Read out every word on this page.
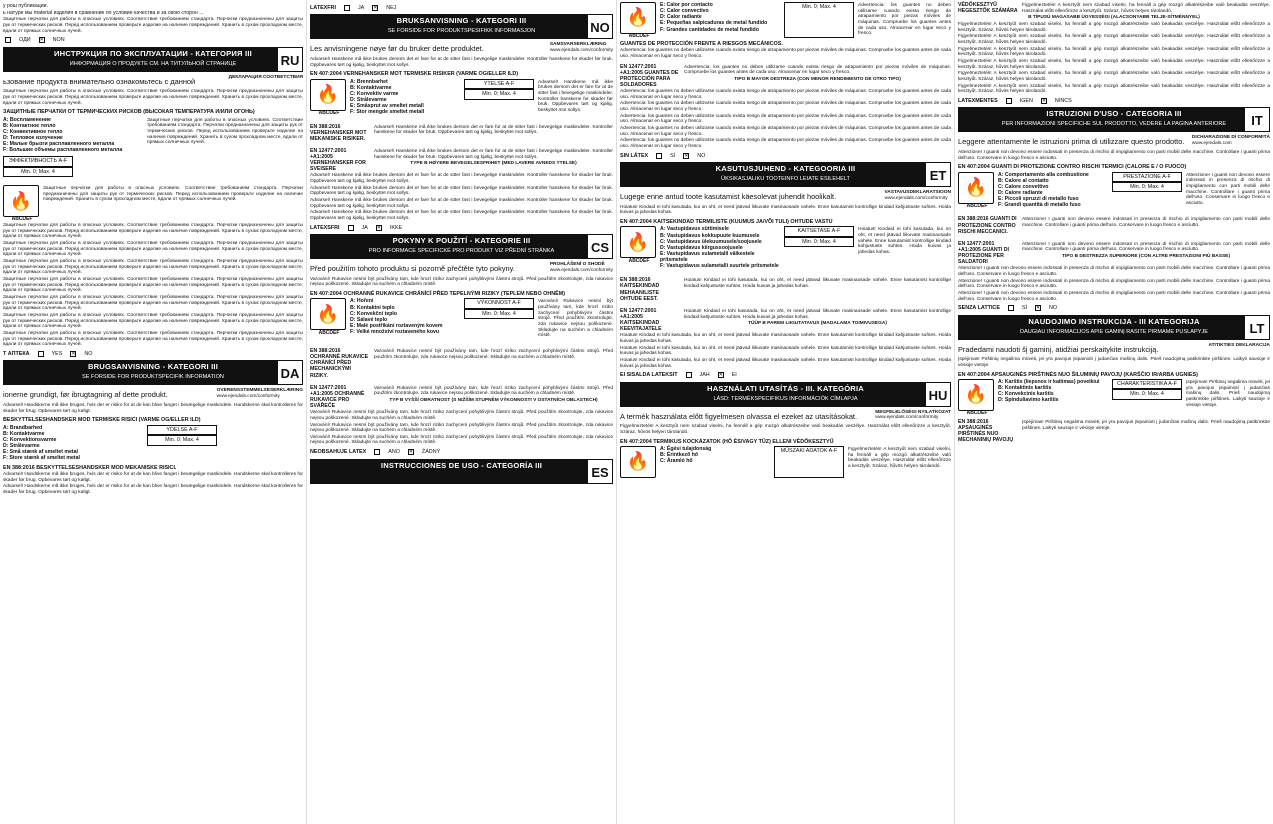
у рош публикации.
ь натуре мы material изделия в сравнение по условие качества и за свою сторон ...
Защитные перчатки для работы в опасных условиях. Соответствие требованиям стандарта. Перчатки предназначены для защиты рук от термических рисков. Перед использованием проверьте изделие на наличие повреждений. Хранить в сухом прохладном месте, вдали от прямых солнечных лучей.
ОДИ ✕ NON
ИНСТРУКЦИЯ ПО ЭКСПЛУАТАЦИИ - КАТЕГОРИЯ III
ИНФОРМАЦИЯ О ПРОДУКТЕ СМ. НА ТИТУЛЬНОЙ СТРАНИЦЕ	RU
ьзование продукта внимательно ознакомьтесь с данной	ДЕКЛАРАЦИЯ СООТВЕТСТВИЯ
Защитные перчатки для работы в опасных условиях. Соответствие требованиям стандарта. Перчатки предназначены для защиты рук от термических рисков. Перед использованием проверьте изделие на наличие повреждений. Хранить в сухом прохладном месте, вдали от прямых солнечных лучей.
ЗАЩИТНЫЕ ПЕРЧАТКИ ОТ ТЕРМИЧЕСКИХ РИСКОВ (ВЫСОКАЯ ТЕМПЕРАТУРА И/ИЛИ ОГОНЬ)
A: Воспламенение
B: Контактное тепло
C: Конвективное тепло
D: Тепловое излучение
E: Малые брызги расплавленного металла
F: Большие объемы расплавленного металла
ЭФФЕКТИВНОСТЬ A-F
Min. 0; Max. 4
Защитные перчатки для работы в опасных условиях. Соответствие требованиям стандарта. Перчатки предназначены для защиты рук от термических рисков. Перед использованием проверьте изделие на наличие повреждений. Хранить в сухом прохладном месте, вдали от прямых солнечных лучей.
🔥
ABCDEF
Защитные перчатки для работы в опасных условиях. Соответствие требованиям стандарта. Перчатки предназначены для защиты рук от термических рисков. Перед использованием проверьте изделие на наличие повреждений. Хранить в сухом прохладном месте, вдали от прямых солнечных лучей.
Защитные перчатки для работы в опасных условиях. Соответствие требованиям стандарта. Перчатки предназначены для защиты рук от термических рисков. Перед использованием проверьте изделие на наличие повреждений. Хранить в сухом прохладном месте, вдали от прямых солнечных лучей.
Защитные перчатки для работы в опасных условиях. Соответствие требованиям стандарта. Перчатки предназначены для защиты рук от термических рисков. Перед использованием проверьте изделие на наличие повреждений. Хранить в сухом прохладном месте, вдали от прямых солнечных лучей.
Защитные перчатки для работы в опасных условиях. Соответствие требованиям стандарта. Перчатки предназначены для защиты рук от термических рисков. Перед использованием проверьте изделие на наличие повреждений. Хранить в сухом прохладном месте, вдали от прямых солнечных лучей.
Защитные перчатки для работы в опасных условиях. Соответствие требованиям стандарта. Перчатки предназначены для защиты рук от термических рисков. Перед использованием проверьте изделие на наличие повреждений. Хранить в сухом прохладном месте, вдали от прямых солнечных лучей.
Защитные перчатки для работы в опасных условиях. Соответствие требованиям стандарта. Перчатки предназначены для защиты рук от термических рисков. Перед использованием проверьте изделие на наличие повреждений. Хранить в сухом прохладном месте, вдали от прямых солнечных лучей.
Защитные перчатки для работы в опасных условиях. Соответствие требованиям стандарта. Перчатки предназначены для защиты рук от термических рисков. Перед использованием проверьте изделие на наличие повреждений. Хранить в сухом прохладном месте, вдали от прямых солнечных лучей.
Защитные перчатки для работы в опасных условиях. Соответствие требованиям стандарта. Перчатки предназначены для защиты рук от термических рисков. Перед использованием проверьте изделие на наличие повреждений. Хранить в сухом прохладном месте, вдали от прямых солнечных лучей.
Т АПТЕКА	YES ✕ NO
BRUGSANVISNING - KATEGORI III
SE FORSIDE FOR PRODUKTSPECIFIK INFORMATION	DA
ionerne grundigt, før ibrugtagning af dette produkt.	OVERENSSTEMMELSESERKLÆRING
www.ejendals.com/conformity
Advarsel! Handskerne må ikke bruges, hvis der er risiko for at de kan blive fanget i bevægelige maskindele. Handskerne skal kontrolleres for skader før brug. Opbevares tørt og køligt.
BESKYTTELSESHANDSKER MOD TERMISKE RISICI (VARME OG/ELLER ILD)
A: Brandbarhed
B: Kontaktvarme
C: Konvektionsvarme
D: Strålevarme
E: Små stænk af smeltet metal
F: Store stænk af smeltet metal
YDELSE A-F
Min. 0; Max. 4
EN 388:2016 BESKYTTELSESHANDSKER MOD MEKANISKE RISICI.
Advarsel! Handskerne må ikke bruges, hvis der er risiko for at de kan blive fanget i bevægelige maskindele. Handskerne skal kontrolleres for skader før brug. Opbevares tørt og køligt.
Advarsel! Handskerne må ikke bruges, hvis der er risiko for at de kan blive fanget i bevægelige maskindele. Handskerne skal kontrolleres for skader før brug. Opbevares tørt og køligt.
LATEXFRI	JA ✕ NEJ
BRUKSANVISNING - KATEGORI III
SE FORSIDE FOR PRODUKTSPESIFIKK INFORMASJON	NO
Les anvisningene nøye før du bruker dette produktet.	SAMSVARSERKLÆRING
www.ejendals.com/conformity
Advarsel! Hanskene må ikke brukes dersom det er fare for at de sitter fast i bevegelige maskindeler. Kontroller hanskene for skader før bruk. Oppbevares tørt og kjølig, beskyttet mot sollys.
EN 407:2004 VERNEHANSKER MOT TERMISKE RISIKER (VARME OG/ELLER ILD)
🔥
ABCDEF
A: Brennbarhet
B: Kontaktvarme
C: Konvektiv varme
D: Strålevarme
E: Småsprut av smeltet metall
F: Stor mengde smeltet metall
YTELSE A-F
Min. 0; Max. 4
Advarsel! Hanskene må ikke brukes dersom det er fare for at de sitter fast i bevegelige maskindeler. Kontroller hanskene for skader før bruk. Oppbevares tørt og kjølig, beskyttet mot sollys.
EN 388:2016 VERNEHANSKER MOT MEKANISKE RISIKER.
Advarsel! Hanskene må ikke brukes dersom det er fare for at de sitter fast i bevegelige maskindeler. Kontroller hanskene for skader før bruk. Oppbevares tørt og kjølig, beskyttet mot sollys.
EN 12477:2001 +A1:2005 VERNEHANSKER FOR SVEISERE
Advarsel! Hanskene må ikke brukes dersom det er fare for at de sitter fast i bevegelige maskindeler. Kontroller hanskene for skader før bruk. Oppbevares tørt og kjølig, beskyttet mot sollys.
TYPE B HØYERE BEVEGELSESFRIHET (MED LAVERE AVNEDS YTELSE)
Advarsel! Hanskene må ikke brukes dersom det er fare for at de sitter fast i bevegelige maskindeler. Kontroller hanskene for skader før bruk. Oppbevares tørt og kjølig, beskyttet mot sollys.
Advarsel! Hanskene må ikke brukes dersom det er fare for at de sitter fast i bevegelige maskindeler. Kontroller hanskene for skader før bruk. Oppbevares tørt og kjølig, beskyttet mot sollys.
Advarsel! Hanskene må ikke brukes dersom det er fare for at de sitter fast i bevegelige maskindeler. Kontroller hanskene for skader før bruk. Oppbevares tørt og kjølig, beskyttet mot sollys.
Advarsel! Hanskene må ikke brukes dersom det er fare for at de sitter fast i bevegelige maskindeler. Kontroller hanskene for skader før bruk. Oppbevares tørt og kjølig, beskyttet mot sollys.
LATEXSFRI	JA ✕ IKKE
POKYNY K POUŽITÍ - KATEGORIE III
PRO INFORMACE SPECIFICKÉ PRO PRODUKT VIZ PŘEDNÍ STRÁNKA	CS
Před použitím tohoto produktu si pozorně přečtěte tyto pokyny.	PROHLÁŠENÍ O SHODĚ
www.ejendals.com/conformity
Varování! Rukavice nesmí být používány tam, kde hrozí riziko zachycení pohyblivými částmi strojů. Před použitím zkontrolujte, zda rukavice nejsou poškozené. Skladujte na suchém a chladném místě.
EN 407:2004 OCHRANNÉ RUKAVICE CHRÁNÍCÍ PŘED TEPELNÝMI RIZIKY (TEPLEM NEBO OHNĚM)
🔥
ABCDEF
A: Hoření
B: Kontaktní teplo
C: Konvekční teplo
D: Sálavé teplo
E: Malé postříkání roztaveným kovem
F: Velké množství roztaveného kovu
VÝKONNOST A-F
Min. 0; Max. 4
Varování! Rukavice nesmí být používány tam, kde hrozí riziko zachycení pohyblivými částmi strojů. Před použitím zkontrolujte, zda rukavice nejsou poškozené. Skladujte na suchém a chladném místě.
EN 388:2016 OCHRANNÉ RUKAVICE CHRÁNÍCÍ PŘED MECHANICKÝMI RIZIKY.
Varování! Rukavice nesmí být používány tam, kde hrozí riziko zachycení pohyblivými částmi strojů. Před použitím zkontrolujte, zda rukavice nejsou poškozené. Skladujte na suchém a chladném místě.
EN 12477:2001 +A1:2005 OCHRANNÉ RUKAVICE PRO SVÁŘEČE
Varování! Rukavice nesmí být používány tam, kde hrozí riziko zachycení pohyblivými částmi strojů. Před použitím zkontrolujte, zda rukavice nejsou poškozené. Skladujte na suchém a chladném místě.
TYP B VYŠŠÍ OBRATNOST (S NIŽŠÍM STUPNĚM VÝKONNOSTI V OSTATNÍCH OBLASTECH)
Varování! Rukavice nesmí být používány tam, kde hrozí riziko zachycení pohyblivými částmi strojů. Před použitím zkontrolujte, zda rukavice nejsou poškozené. Skladujte na suchém a chladném místě.
Varování! Rukavice nesmí být používány tam, kde hrozí riziko zachycení pohyblivými částmi strojů. Před použitím zkontrolujte, zda rukavice nejsou poškozené. Skladujte na suchém a chladném místě.
Varování! Rukavice nesmí být používány tam, kde hrozí riziko zachycení pohyblivými částmi strojů. Před použitím zkontrolujte, zda rukavice nejsou poškozené. Skladujte na suchém a chladném místě.
NEOBSAHUJE LATEX	ANO ✕ ŽÁDNÝ
INSTRUCCIONES DE USO - CATEGORÍA III	ES
🔥
ABCDEF
E: Calor por contacto
C: Calor convectivo
D: Calor radiante
E: Pequeñas salpicaduras de metal fundido
F: Grandes cantidades de metal fundido
Min. 0; Max. 4	Advertencia: los guantes no deben utilizarse cuando exista riesgo de atrapamiento por piezas móviles de máquinas. Compruebe los guantes antes de cada uso. Almacenar en lugar seco y fresco.
GUANTES DE PROTECCIÓN FRENTE A RIESGOS MECÁNICOS.
Advertencia: los guantes no deben utilizarse cuando exista riesgo de atrapamiento por piezas móviles de máquinas. Compruebe los guantes antes de cada uso. Almacenar en lugar seco y fresco.
EN 12477:2001 +A1:2005 GUANTES DE PROTECCIÓN PARA SOLDADORES
Advertencia: los guantes no deben utilizarse cuando exista riesgo de atrapamiento por piezas móviles de máquinas. Compruebe los guantes antes de cada uso. Almacenar en lugar seco y fresco.
TIPO B MAYOR DESTREZA (CON MENOR RENDIMIENTO DE OTRO TIPO)
Advertencia: los guantes no deben utilizarse cuando exista riesgo de atrapamiento por piezas móviles de máquinas. Compruebe los guantes antes de cada uso. Almacenar en lugar seco y fresco.
Advertencia: los guantes no deben utilizarse cuando exista riesgo de atrapamiento por piezas móviles de máquinas. Compruebe los guantes antes de cada uso. Almacenar en lugar seco y fresco.
Advertencia: los guantes no deben utilizarse cuando exista riesgo de atrapamiento por piezas móviles de máquinas. Compruebe los guantes antes de cada uso. Almacenar en lugar seco y fresco.
Advertencia: los guantes no deben utilizarse cuando exista riesgo de atrapamiento por piezas móviles de máquinas. Compruebe los guantes antes de cada uso. Almacenar en lugar seco y fresco.
Advertencia: los guantes no deben utilizarse cuando exista riesgo de atrapamiento por piezas móviles de máquinas. Compruebe los guantes antes de cada uso. Almacenar en lugar seco y fresco.
SIN LÁTEX	SÍ ✕ NO
KASUTUSJUHEND - KATEGOORIA III
ÜKSIKASJALIKU TOOTEINFO LEIATE ESILEHELT	ET
Lugege enne antud toote kasutamist käesolevat juhendit hoolikalt.	VASTAVUSDEKLARATSIOON
www.ejendals.com/conformity
Hoiatus! Kindaid ei tohi kasutada, kui on oht, et need jäävad liikuvate masinaosade vahele. Enne kasutamist kontrollige kindaid kahjustuste suhtes. Hoida kuivas ja jahedas kohas.
EN 407:2004 KAITSEKINDAD TERMILISTE (KUUMUS JA/VÕI TULI) OHTUDE VASTU
🔥
ABCDEF
A: Vastupidavus süttimisele
B: Vastupidavus kokkupuute kuumusele
C: Vastupidavus ülekuumusele/soojusele
D: Vastupidavus kiirgussoojusele
E: Vastupidavus sulametalli väikestele pritsmetele
F: Vastupidavus sulametalli suurtele pritsmetele
KAITSETASE A-F
Min. 0; Max. 4
Hoiatus! Kindaid ei tohi kasutada, kui on oht, et need jäävad liikuvate masinaosade vahele. Enne kasutamist kontrollige kindaid kahjustuste suhtes. Hoida kuivas ja jahedas kohas.
EN 388:2016 KAITSEKINDAD MEHAANILISTE OHTUDE EEST.
Hoiatus! Kindaid ei tohi kasutada, kui on oht, et need jäävad liikuvate masinaosade vahele. Enne kasutamist kontrollige kindaid kahjustuste suhtes. Hoida kuivas ja jahedas kohas.
EN 12477:2001 +A1:2005 KAITSEKINDAD KEEVITAJATELE
Hoiatus! Kindaid ei tohi kasutada, kui on oht, et need jäävad liikuvate masinaosade vahele. Enne kasutamist kontrollige kindaid kahjustuste suhtes. Hoida kuivas ja jahedas kohas.
TÜÜP B PAREM LIIGUTATAVUS (MADALAMA TOIMIVUSEGA)
Hoiatus! Kindaid ei tohi kasutada, kui on oht, et need jäävad liikuvate masinaosade vahele. Enne kasutamist kontrollige kindaid kahjustuste suhtes. Hoida kuivas ja jahedas kohas.
Hoiatus! Kindaid ei tohi kasutada, kui on oht, et need jäävad liikuvate masinaosade vahele. Enne kasutamist kontrollige kindaid kahjustuste suhtes. Hoida kuivas ja jahedas kohas.
Hoiatus! Kindaid ei tohi kasutada, kui on oht, et need jäävad liikuvate masinaosade vahele. Enne kasutamist kontrollige kindaid kahjustuste suhtes. Hoida kuivas ja jahedas kohas.
EI SISALDA LATEKSIT	JAH ✕ EI
HASZNÁLATI UTASÍTÁS - III. KATEGÓRIA
LÁSD: TERMÉKSPECIFIKUS INFORMÁCIÓK CÍMLAPJA	HU
A termék használata előtt figyelmesen olvassa el ezeket az utasításokat.	MEGFELELŐSÉGI NYILATKOZAT
www.ejendals.com/conformity
Figyelmeztetés! A kesztyűt nem szabad viselni, ha fennáll a gép mozgó alkatrészeibe való beakadás veszélye. Használat előtt ellenőrizze a kesztyűt. Száraz, hűvös helyen tárolandó.
EN 407:2004 TERMIKUS KOCKÁZATOK (HŐ ÉS/VAGY TŰZ) ELLENI VÉDŐKESZTYŰ
🔥
A: Égési tulajdonság
B: Érintkező hő
C: Áramló hő
MŰSZAKI ADATOK A-F	Figyelmeztetés! A kesztyűt nem szabad viselni, ha fennáll a gép mozgó alkatrészeibe való beakadás veszélye. Használat előtt ellenőrizze a kesztyűt. Száraz, hűvös helyen tárolandó.
VÉDŐKESZTYŰ HEGESZTŐK SZÁMÁRA
Figyelmeztetés! A kesztyűt nem szabad viselni, ha fennáll a gép mozgó alkatrészeibe való beakadás veszélye. Használat előtt ellenőrizze a kesztyűt. Száraz, hűvös helyen tárolandó.
B TÍPUSÚ MAGASABB ÜGYESSÉGI (ALACSONYABB TELJE-SÍTMÉNNYEL)
Figyelmeztetés! A kesztyűt nem szabad viselni, ha fennáll a gép mozgó alkatrészeibe való beakadás veszélye. Használat előtt ellenőrizze a kesztyűt. Száraz, hűvös helyen tárolandó.
Figyelmeztetés! A kesztyűt nem szabad viselni, ha fennáll a gép mozgó alkatrészeibe való beakadás veszélye. Használat előtt ellenőrizze a kesztyűt. Száraz, hűvös helyen tárolandó.
Figyelmeztetés! A kesztyűt nem szabad viselni, ha fennáll a gép mozgó alkatrészeibe való beakadás veszélye. Használat előtt ellenőrizze a kesztyűt. Száraz, hűvös helyen tárolandó.
Figyelmeztetés! A kesztyűt nem szabad viselni, ha fennáll a gép mozgó alkatrészeibe való beakadás veszélye. Használat előtt ellenőrizze a kesztyűt. Száraz, hűvös helyen tárolandó.
Figyelmeztetés! A kesztyűt nem szabad viselni, ha fennáll a gép mozgó alkatrészeibe való beakadás veszélye. Használat előtt ellenőrizze a kesztyűt. Száraz, hűvös helyen tárolandó.
Figyelmeztetés! A kesztyűt nem szabad viselni, ha fennáll a gép mozgó alkatrészeibe való beakadás veszélye. Használat előtt ellenőrizze a kesztyűt. Száraz, hűvös helyen tárolandó.
LATEXMENTES	IGEN ✕ NINCS
ISTRUZIONI D'USO - CATEGORIA III
PER INFORMAZIONI SPECIFICHE SUL PRODOTTO, VEDERE LA PAGINA ANTERIORE	IT
Leggere attentamente le istruzioni prima di utilizzare questo prodotto.	DICHIARAZIONE DI CONFORMITÀ
www.ejendals.com
Attenzione! I guanti non devono essere indossati in presenza di rischio di impigliamento con parti mobili delle macchine. Controllare i guanti prima dell'uso. Conservare in luogo fresco e asciutto.
EN 407:2004 GUANTI DI PROTEZIONE CONTRO RISCHI TERMICI (CALORE E / O FUOCO)
🔥
ABCDEF
A: Comportamento alla combustione
B: Calore al contatto
C: Calore convettivo
D: Calore radiante
E: Piccoli spruzzi di metallo fuso
F: Grandi quantità di metallo fuso
PRESTAZIONE A-F
Min. 0; Max. 4
Attenzione! I guanti non devono essere indossati in presenza di rischio di impigliamento con parti mobili delle macchine. Controllare i guanti prima dell'uso. Conservare in luogo fresco e asciutto.
EN 388:2016 GUANTI DI PROTEZIONE CONTRO RISCHI MECCANICI.
Attenzione! I guanti non devono essere indossati in presenza di rischio di impigliamento con parti mobili delle macchine. Controllare i guanti prima dell'uso. Conservare in luogo fresco e asciutto.
EN 12477:2001 +A1:2005 GUANTI DI PROTEZIONE PER SALDATORI
Attenzione! I guanti non devono essere indossati in presenza di rischio di impigliamento con parti mobili delle macchine. Controllare i guanti prima dell'uso. Conservare in luogo fresco e asciutto.
TIPO B DESTREZZA SUPERIORE (CON ALTRE PRESTAZIONI PIÙ BASSE)
Attenzione! I guanti non devono essere indossati in presenza di rischio di impigliamento con parti mobili delle macchine. Controllare i guanti prima dell'uso. Conservare in luogo fresco e asciutto.
Attenzione! I guanti non devono essere indossati in presenza di rischio di impigliamento con parti mobili delle macchine. Controllare i guanti prima dell'uso. Conservare in luogo fresco e asciutto.
Attenzione! I guanti non devono essere indossati in presenza di rischio di impigliamento con parti mobili delle macchine. Controllare i guanti prima dell'uso. Conservare in luogo fresco e asciutto.
SENZA LATTICE	SÌ ✕ NO
NAUDOJIMO INSTRUKCIJA - III KATEGORIJA
DAUGIAU INFORMACIJOS APIE GAMINĮ RASITE PIRMAME PUSLAPYJE	LT
Pradedami naudoti šį gaminį, atidžiai perskaitykite instrukciją.	ATITIKTIES DEKLARACIJA
Įspėjimas! Pirštinių negalima mūvėti, jei yra pavojus įsipainioti į judančias mašinų dalis. Prieš naudojimą patikrinkite pirštines. Laikyti sausoje ir vėsioje vietoje.
EN 407:2004 APSAUGINĖS PIRŠTINĖS NUO ŠILUMINIŲ PAVOJŲ (KARŠČIO IR/ARBA UGNIES)
🔥
ABCDEF
A: Karštis (liepsnos ir kaitimas) poveikiui
B: Kontaktinis karštis
C: Konvekcinis karštis
D: Spinduliavimo karštis
CHARAKTERISTIKA A-F
Min. 0; Max. 4
Įspėjimas! Pirštinių negalima mūvėti, jei yra pavojus įsipainioti į judančias mašinų dalis. Prieš naudojimą patikrinkite pirštines. Laikyti sausoje ir vėsioje vietoje.
EN 388:2016 APSAUGINĖS PIRŠTINĖS NUO MECHANINIŲ PAVOJŲ
Įspėjimas! Pirštinių negalima mūvėti, jei yra pavojus įsipainioti į judančias mašinų dalis. Prieš naudojimą patikrinkite pirštines. Laikyti sausoje ir vėsioje vietoje.
